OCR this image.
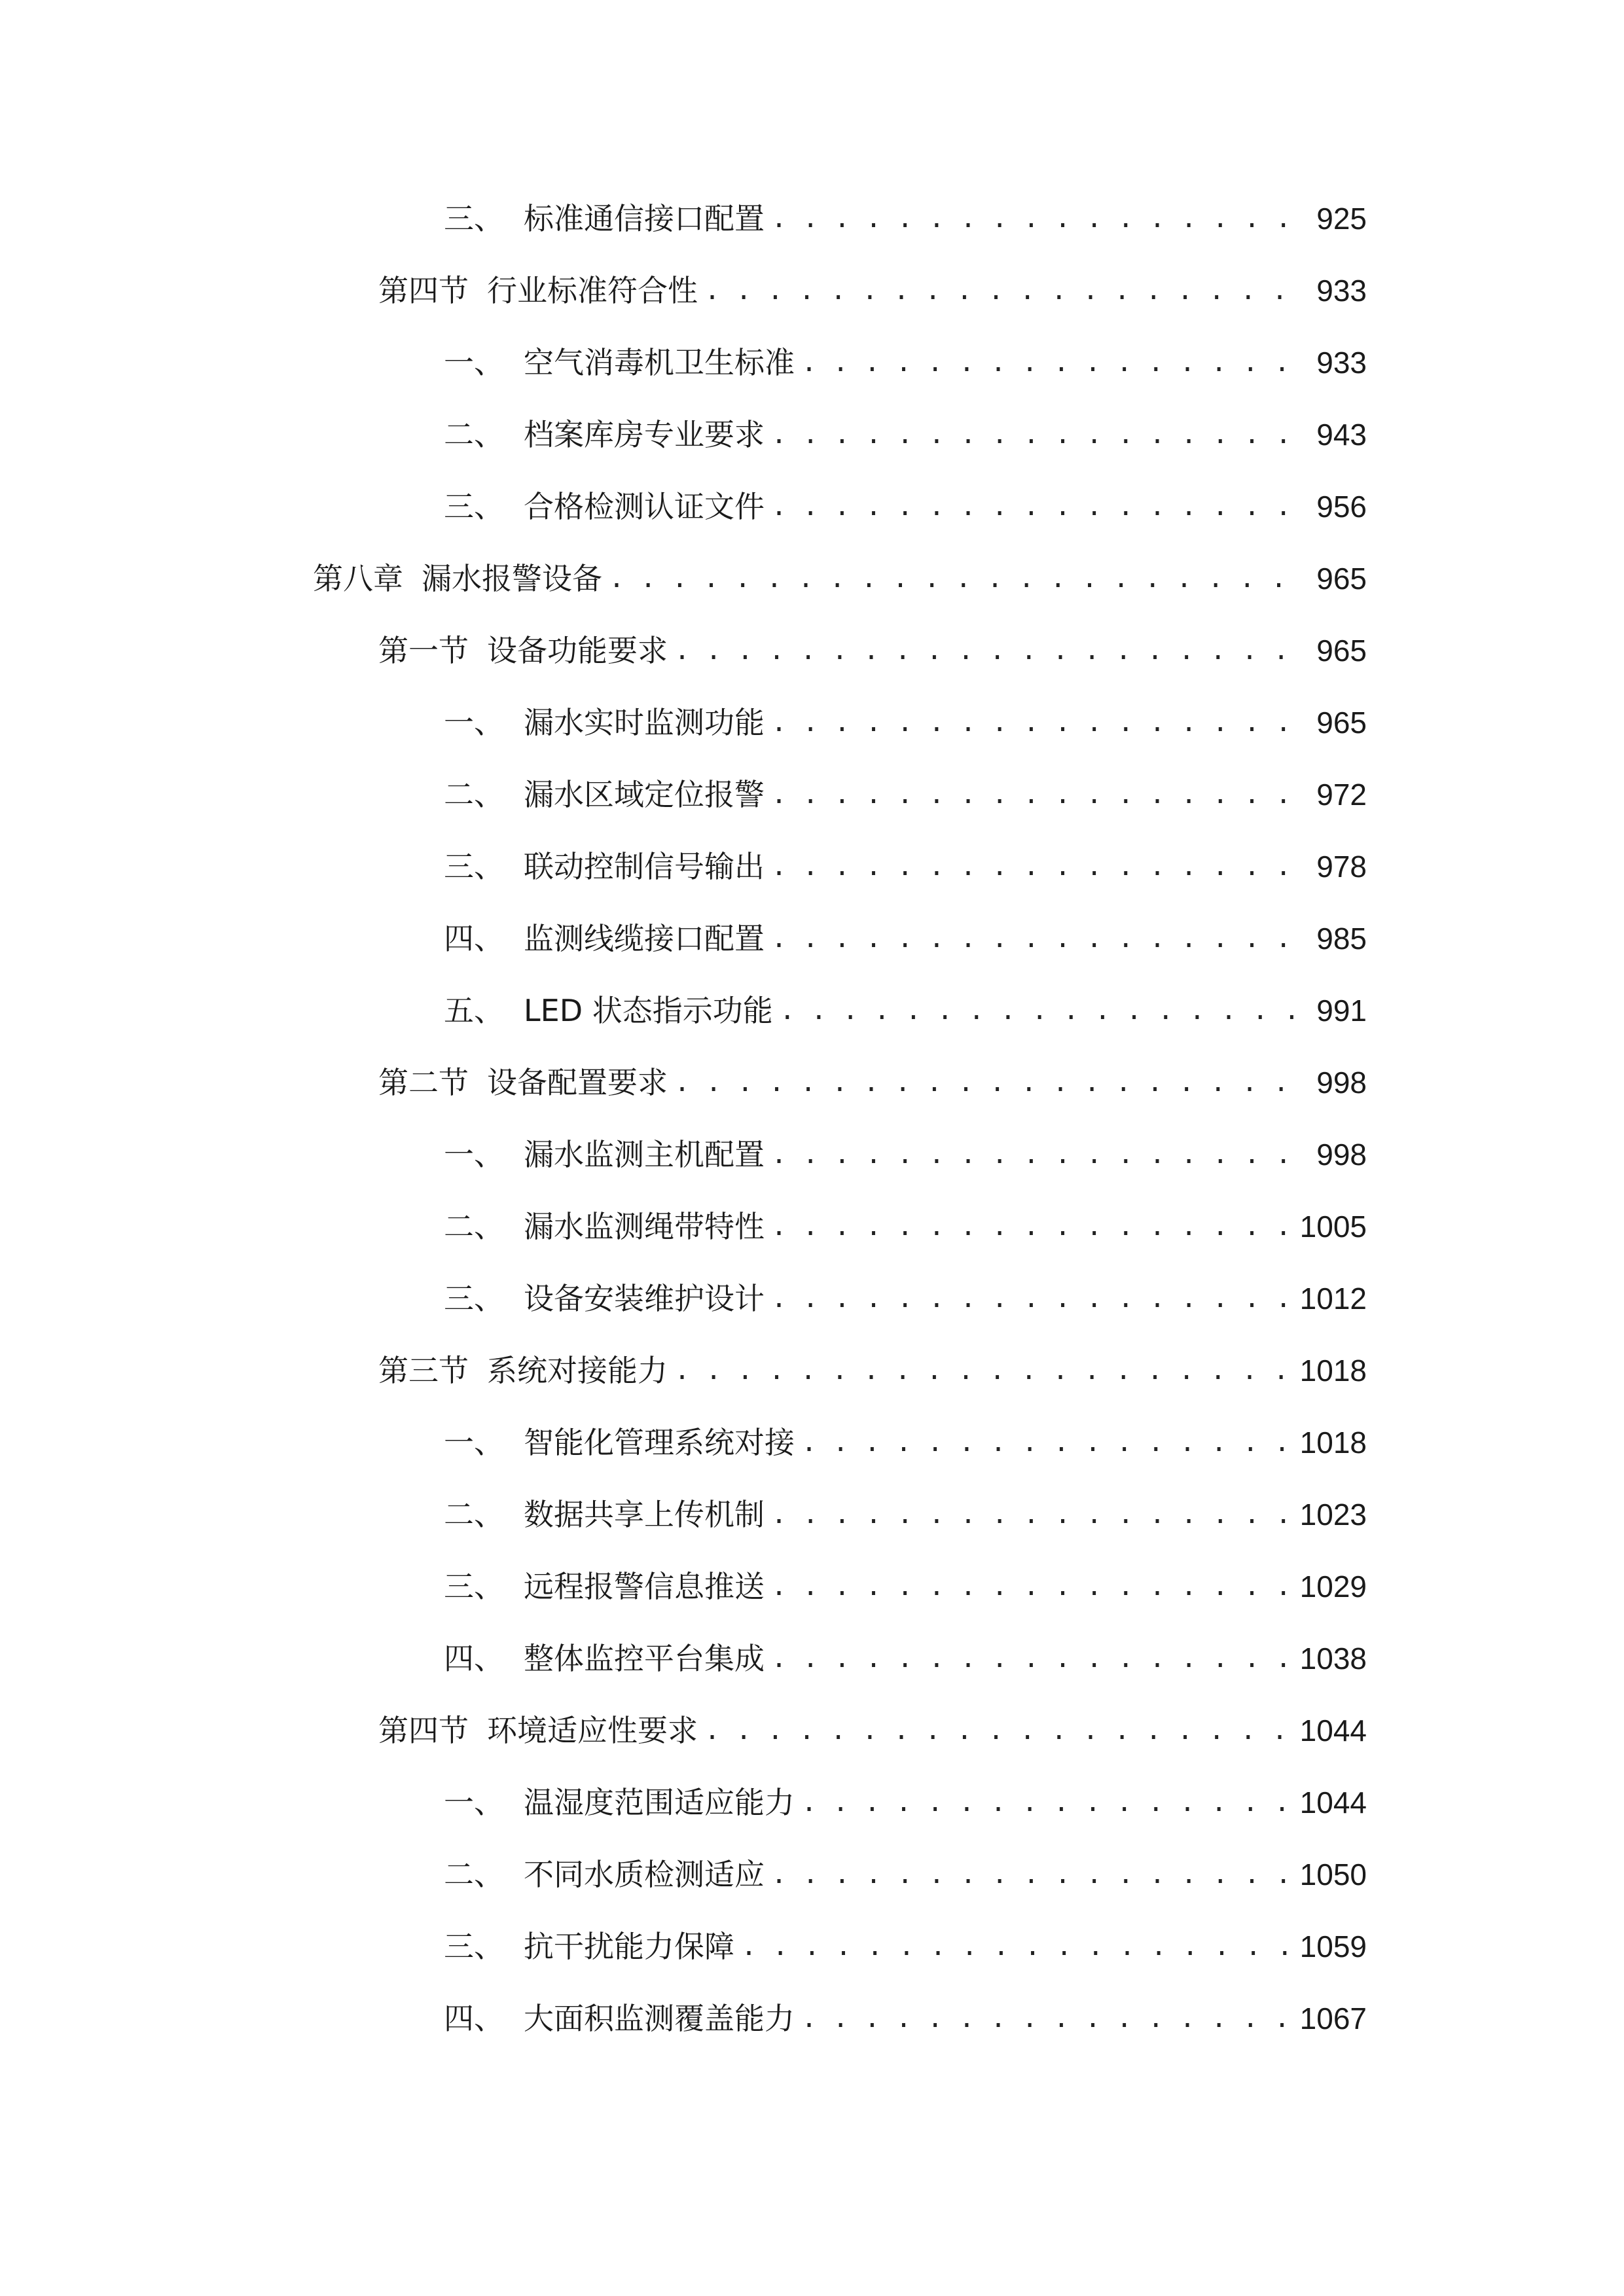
三、 标准通信接口配置 . . .	925
第四节 行业标准符合性 . . .	933
一、 空气消毒机卫生标准 . . .	933
二、 档案库房专业要求 . . .	943
三、 合格检测认证文件 . . .	956
第八章 漏水报警设备 . . .	965
第一节 设备功能要求 . . .	965
一、 漏水实时监测功能 . . .	965
二、 漏水区域定位报警 . . .	972
三、 联动控制信号输出 . . .	978
四、 监测线缆接口配置 . . .	985
五、 LED 状态指示功能 . . .	991
第二节 设备配置要求 . . .	998
一、 漏水监测主机配置 . . .	998
二、 漏水监测绳带特性 . . .	1005
三、 设备安装维护设计 . . .	1012
第三节 系统对接能力 . . .	1018
一、 智能化管理系统对接 . . .	1018
二、 数据共享上传机制 . . .	1023
三、 远程报警信息推送 . . .	1029
四、 整体监控平台集成 . . .	1038
第四节 环境适应性要求 . . .	1044
一、 温湿度范围适应能力 . . .	1044
二、 不同水质检测适应 . . .	1050
三、 抗干扰能力保障 . . .	1059
四、 大面积监测覆盖能力 . . .	1067
